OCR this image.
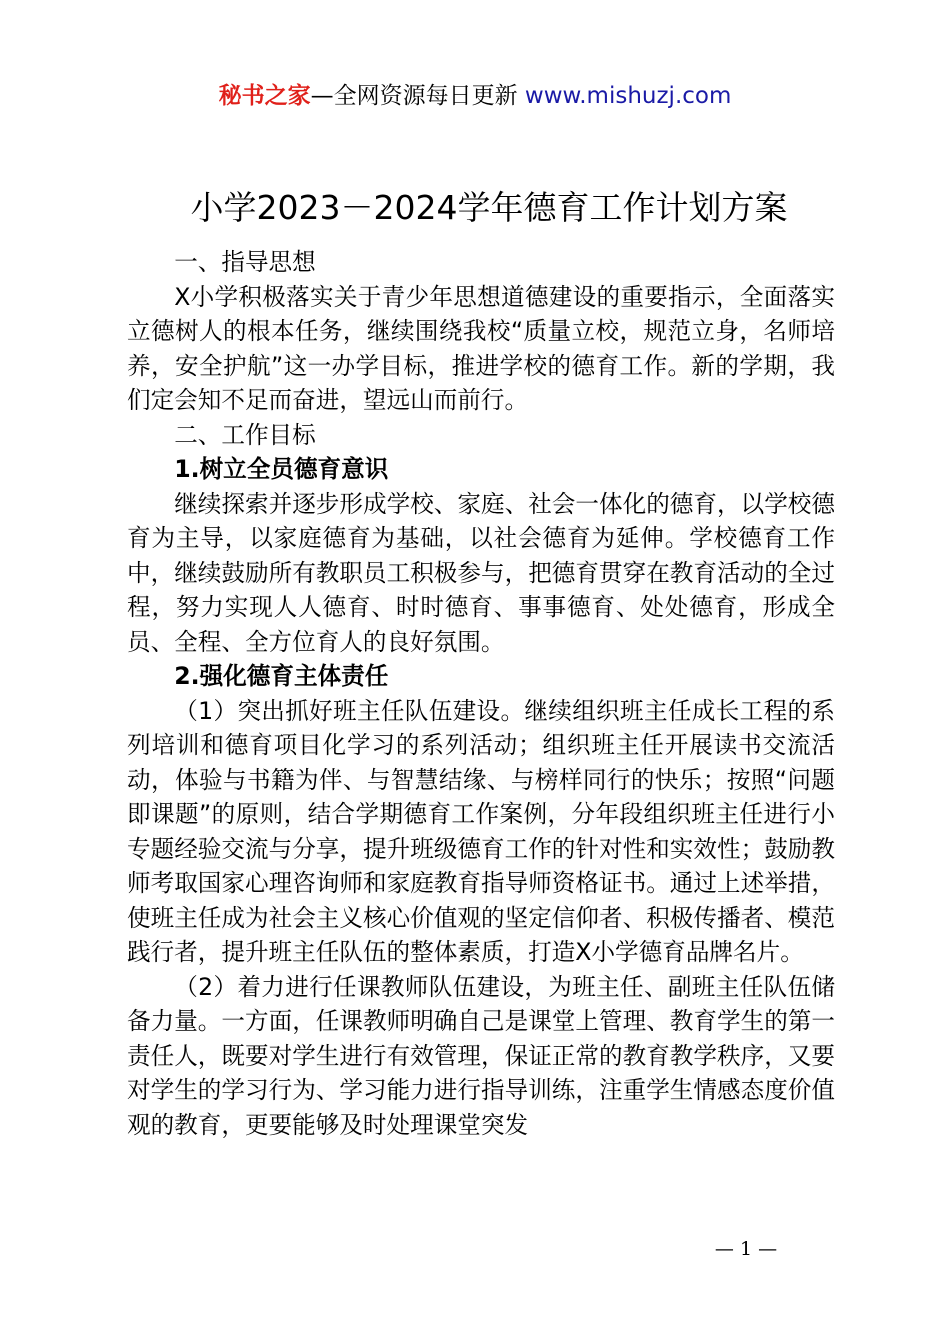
秘书之家—全网资源每日更新 www.mishuzj.com
小学2023－2024学年德育工作计划方案

一、指导思想

X小学积极落实关于青少年思想道德建设的重要指示，全面落实立德树人的根本任务，继续围绕我校“质量立校，规范立身，名师培养，安全护航”这一办学目标，推进学校的德育工作。新的学期，我们定会知不足而奋进，望远山而前行。

二、工作目标

1.树立全员德育意识

继续探索并逐步形成学校、家庭、社会一体化的德育，以学校德育为主导，以家庭德育为基础，以社会德育为延伸。学校德育工作中，继续鼓励所有教职员工积极参与，把德育贯穿在教育活动的全过程，努力实现人人德育、时时德育、事事德育、处处德育，形成全员、全程、全方位育人的良好氛围。

2.强化德育主体责任

（1）突出抓好班主任队伍建设。继续组织班主任成长工程的系列培训和德育项目化学习的系列活动；组织班主任开展读书交流活动，体验与书籍为伴、与智慧结缘、与榜样同行的快乐；按照“问题即课题”的原则，结合学期德育工作案例，分年段组织班主任进行小专题经验交流与分享，提升班级德育工作的针对性和实效性；鼓励教师考取国家心理咨询师和家庭教育指导师资格证书。通过上述举措，使班主任成为社会主义核心价值观的坚定信仰者、积极传播者、模范践行者，提升班主任队伍的整体素质，打造X小学德育品牌名片。

（2）着力进行任课教师队伍建设，为班主任、副班主任队伍储备力量。一方面，任课教师明确自己是课堂上管理、教育学生的第一责任人，既要对学生进行有效管理，保证正常的教育教学秩序，又要对学生的学习行为、学习能力进行指导训练，注重学生情感态度价值观的教育，更要能够及时处理课堂突发

— 1 —
